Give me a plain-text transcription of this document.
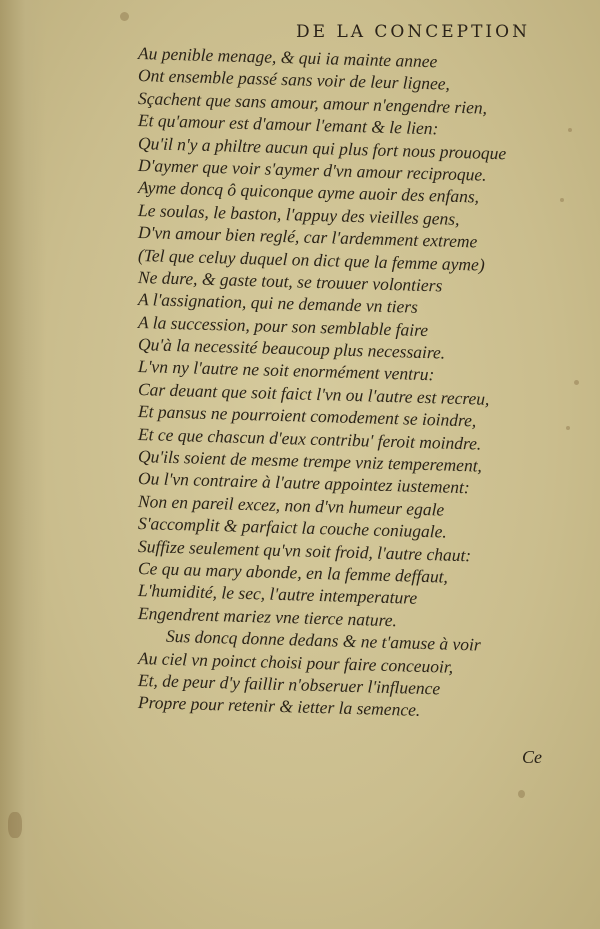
DE LA CONCEPTION
Au penible menage, & qui ia mainte annee
Ont ensemble passé sans voir de leur lignee,
Sçachent que sans amour, amour n'engendre rien,
Et qu'amour est d'amour l'emant & le lien:
Qu'il n'y a philtre aucun qui plus fort nous prouoque
D'aymer que voir s'aymer d'vn amour reciproque.
Ayme doncq ô quiconque ayme auoir des enfans,
Le soulas, le baston, l'appuy des vieilles gens,
D'vn amour bien reglé, car l'ardemment extreme
(Tel que celuy duquel on dict que la femme ayme)
Ne dure, & gaste tout, se trouuer volontiers
A l'assignation, qui ne demande vn tiers
A la succession, pour son semblable faire
Qu'à la necessité beaucoup plus necessaire.
L'vn ny l'autre ne soit enormément ventru:
Car deuant que soit faict l'vn ou l'autre est recreu,
Et pansus ne pourroient comodement se ioindre,
Et ce que chascun d'eux contribu' feroit moindre.
Qu'ils soient de mesme trempe vniz temperement,
Ou l'vn contraire à l'autre appointez iustement:
Non en pareil excez, non d'vn humeur egale
S'accomplit & parfaict la couche coniugale.
Suffize seulement qu'vn soit froid, l'autre chaut:
Ce qu au mary abonde, en la femme deffaut,
L'humidité, le sec, l'autre intemperature
Engendrent mariez vne tierce nature.
Sus doncq donne dedans & ne t'amuse à voir
Au ciel vn poinct choisi pour faire conceuoir,
Et, de peur d'y faillir n'obseruer l'influence
Propre pour retenir & ietter la semence.
Ce
